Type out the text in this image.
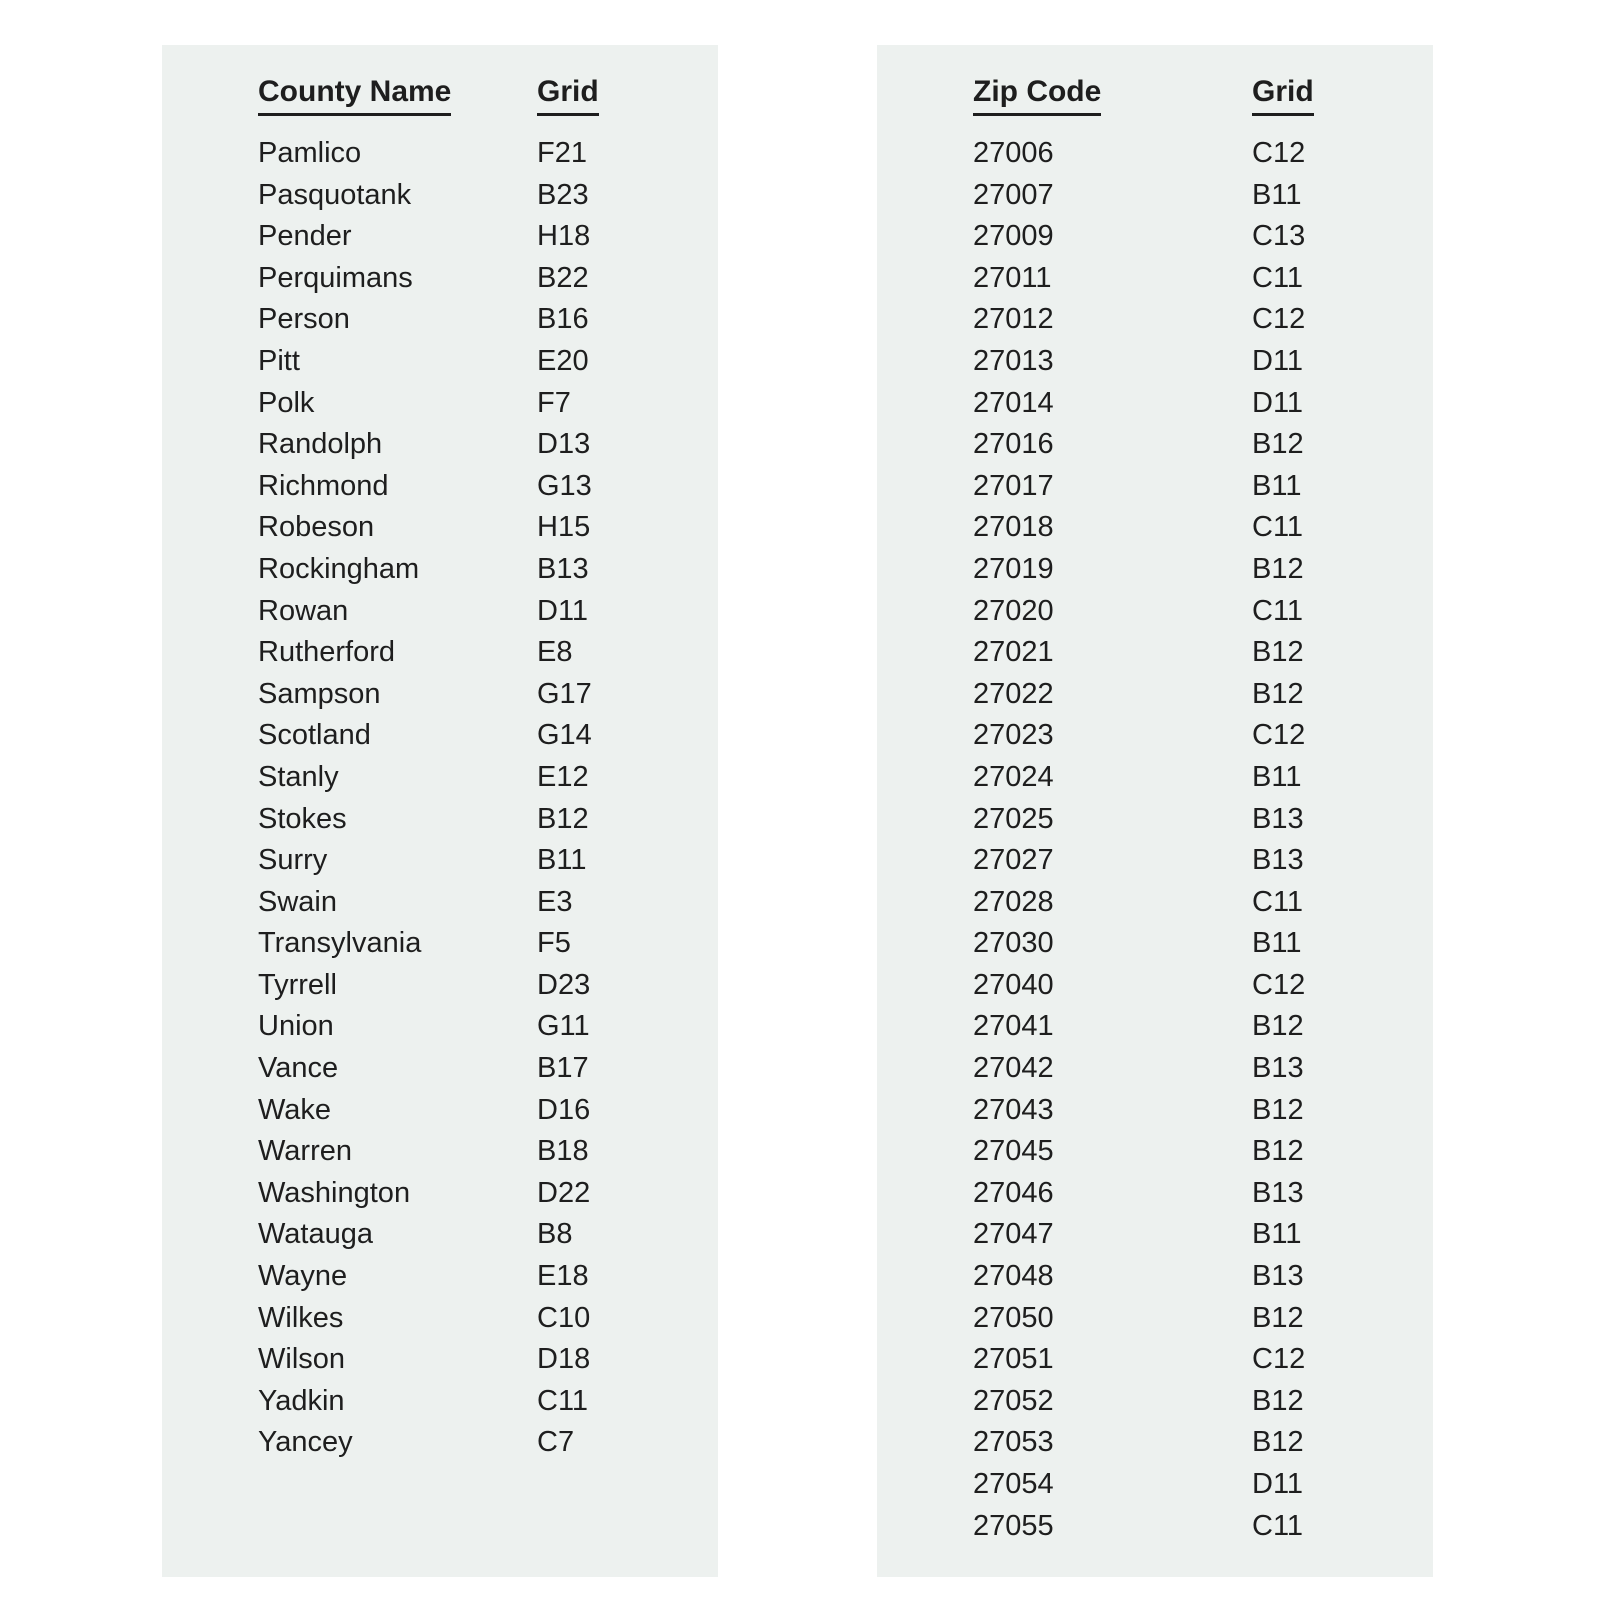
County Name	Grid
Pamlico	F21
Pasquotank	B23
Pender	H18
Perquimans	B22
Person	B16
Pitt	E20
Polk	F7
Randolph	D13
Richmond	G13
Robeson	H15
Rockingham	B13
Rowan	D11
Rutherford	E8
Sampson	G17
Scotland	G14
Stanly	E12
Stokes	B12
Surry	B11
Swain	E3
Transylvania	F5
Tyrrell	D23
Union	G11
Vance	B17
Wake	D16
Warren	B18
Washington	D22
Watauga	B8
Wayne	E18
Wilkes	C10
Wilson	D18
Yadkin	C11
Yancey	C7
Zip Code	Grid
27006	C12
27007	B11
27009	C13
27011	C11
27012	C12
27013	D11
27014	D11
27016	B12
27017	B11
27018	C11
27019	B12
27020	C11
27021	B12
27022	B12
27023	C12
27024	B11
27025	B13
27027	B13
27028	C11
27030	B11
27040	C12
27041	B12
27042	B13
27043	B12
27045	B12
27046	B13
27047	B11
27048	B13
27050	B12
27051	C12
27052	B12
27053	B12
27054	D11
27055	C11
